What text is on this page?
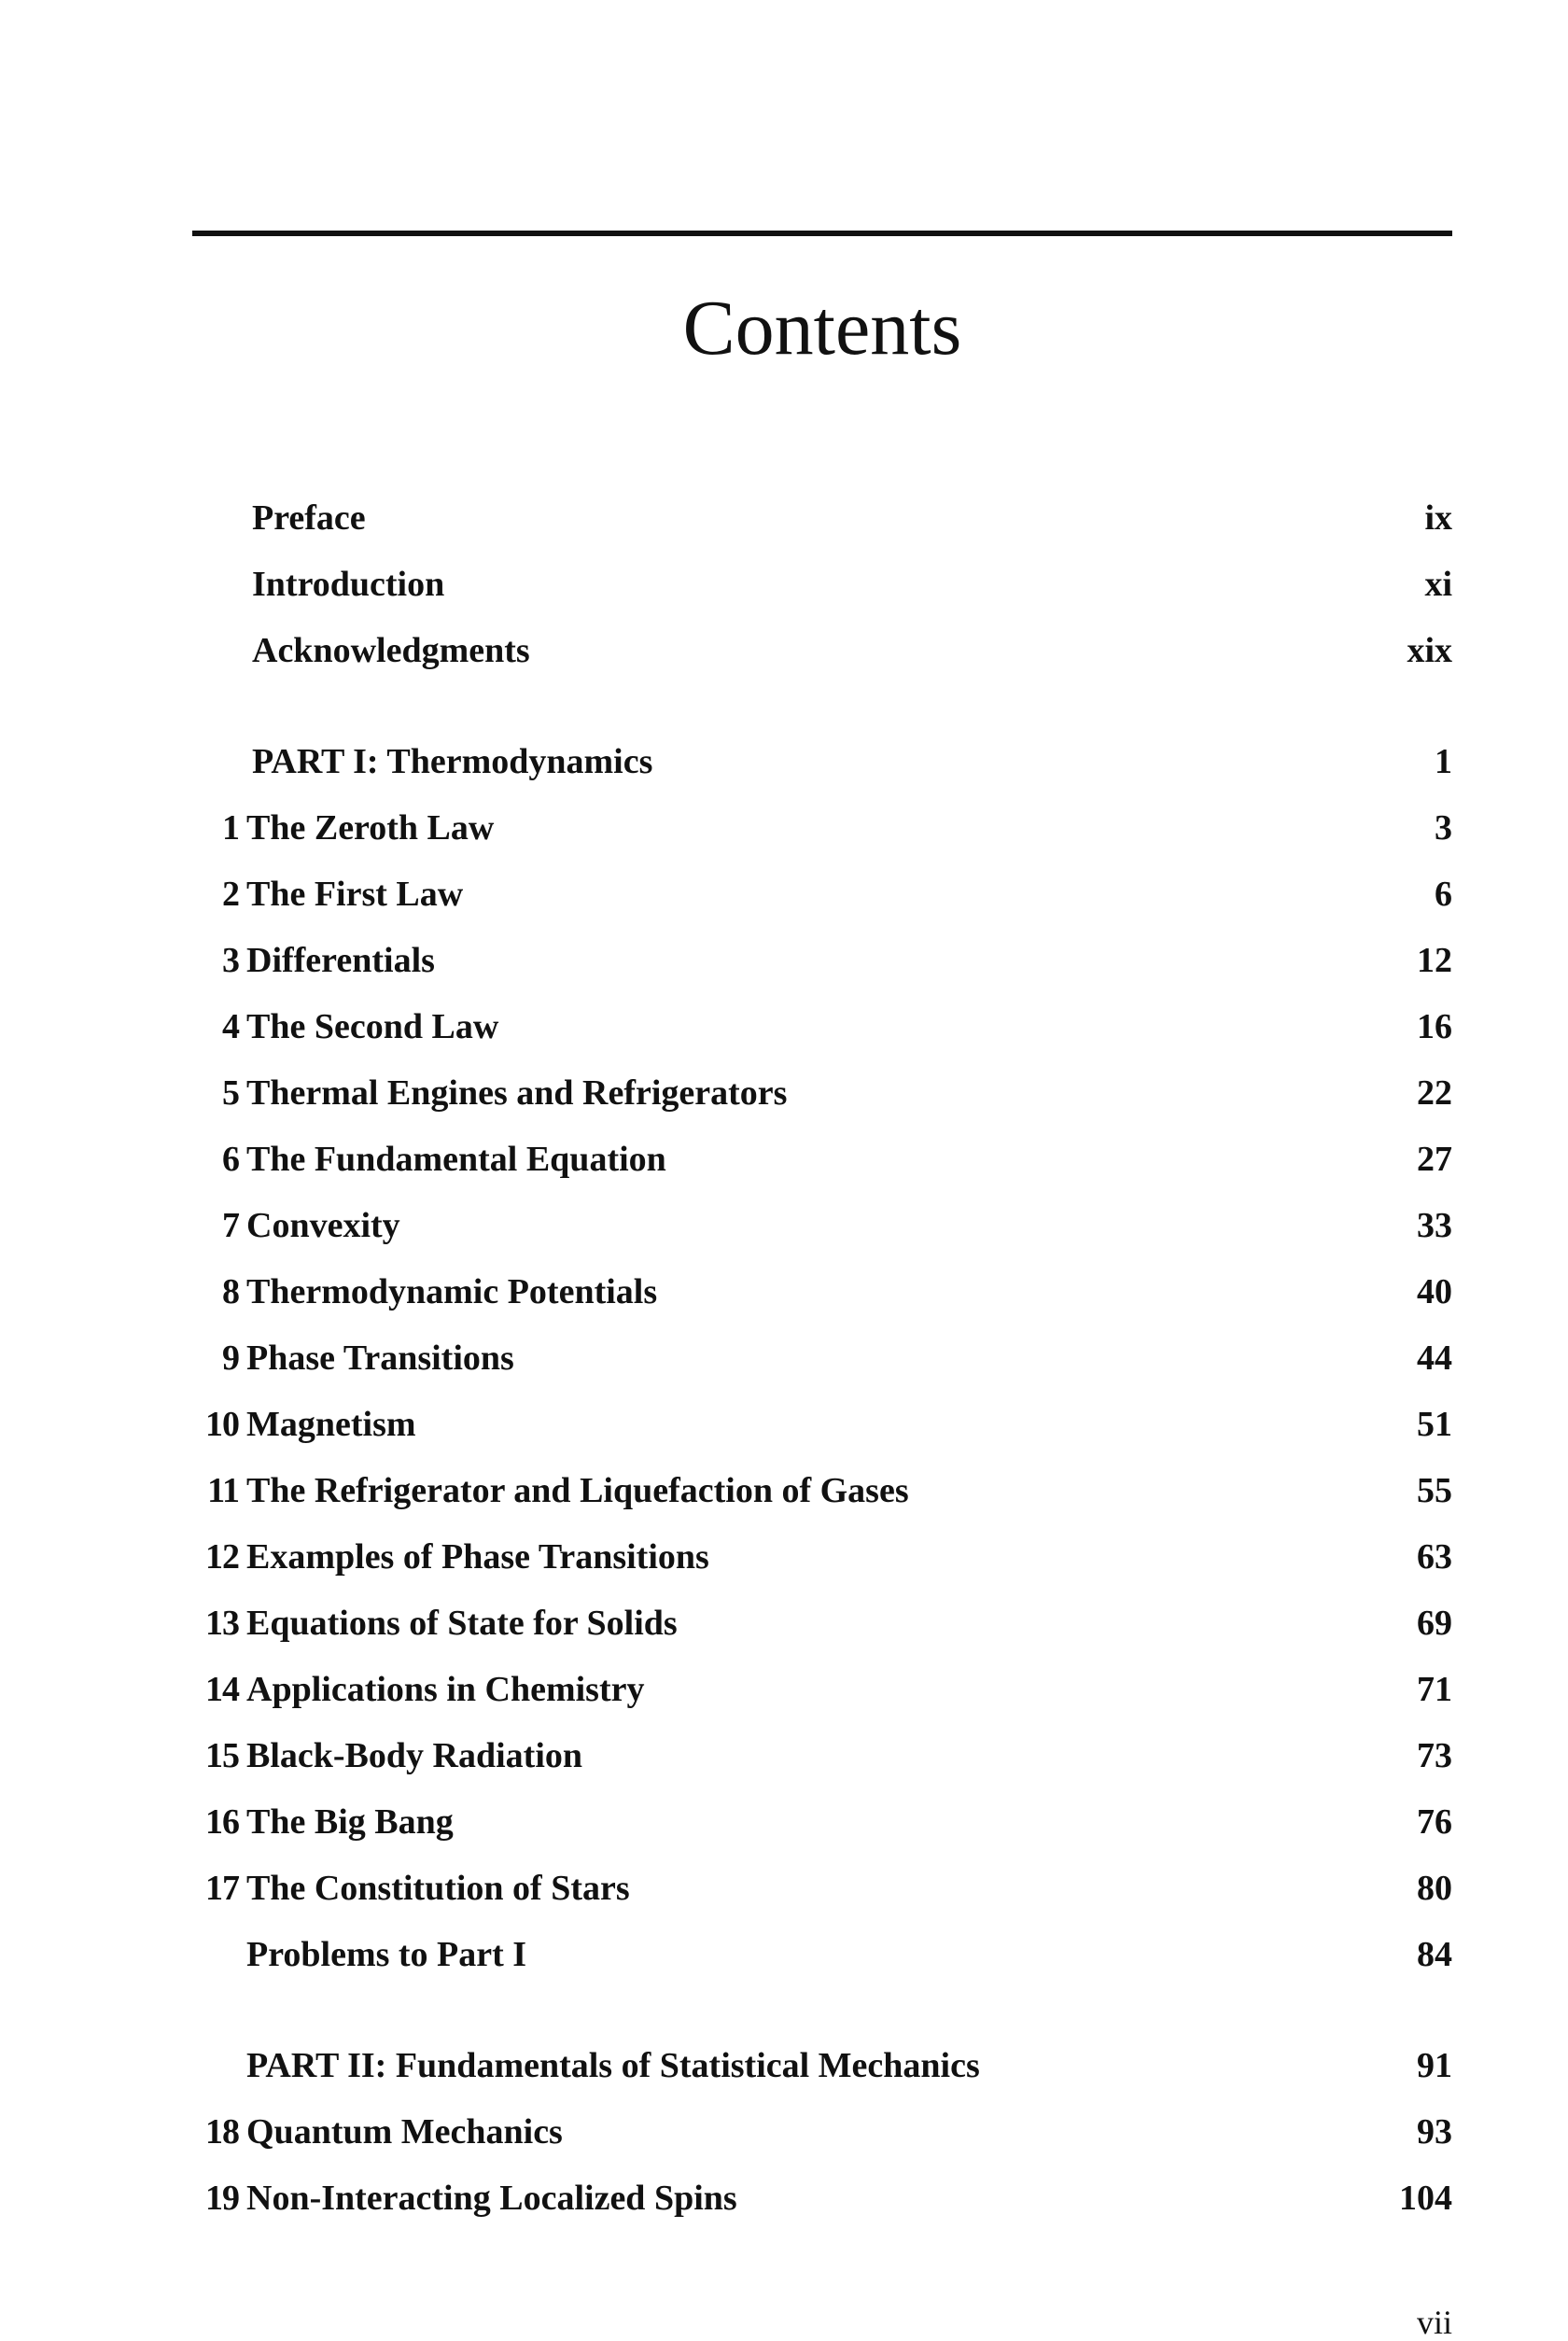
Contents
Preface	ix
Introduction	xi
Acknowledgments	xix
PART I: Thermodynamics	1
1 The Zeroth Law	3
2 The First Law	6
3 Differentials	12
4 The Second Law	16
5 Thermal Engines and Refrigerators	22
6 The Fundamental Equation	27
7 Convexity	33
8 Thermodynamic Potentials	40
9 Phase Transitions	44
10 Magnetism	51
11 The Refrigerator and Liquefaction of Gases	55
12 Examples of Phase Transitions	63
13 Equations of State for Solids	69
14 Applications in Chemistry	71
15 Black-Body Radiation	73
16 The Big Bang	76
17 The Constitution of Stars	80
Problems to Part I	84
PART II: Fundamentals of Statistical Mechanics	91
18 Quantum Mechanics	93
19 Non-Interacting Localized Spins	104
vii
